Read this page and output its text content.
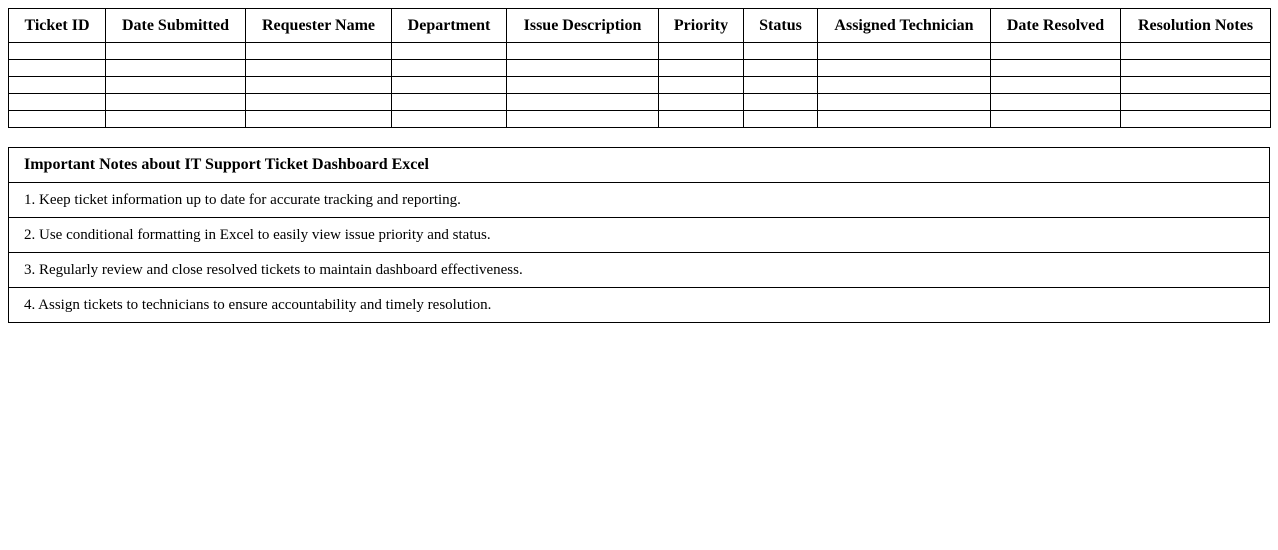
Ticket ID	Date Submitted	Requester Name	Department	Issue Description	Priority	Status	Assigned Technician	Date Resolved	Resolution Notes

Important Notes about IT Support Ticket Dashboard Excel
1. Keep ticket information up to date for accurate tracking and reporting.
2. Use conditional formatting in Excel to easily view issue priority and status.
3. Regularly review and close resolved tickets to maintain dashboard effectiveness.
4. Assign tickets to technicians to ensure accountability and timely resolution.
